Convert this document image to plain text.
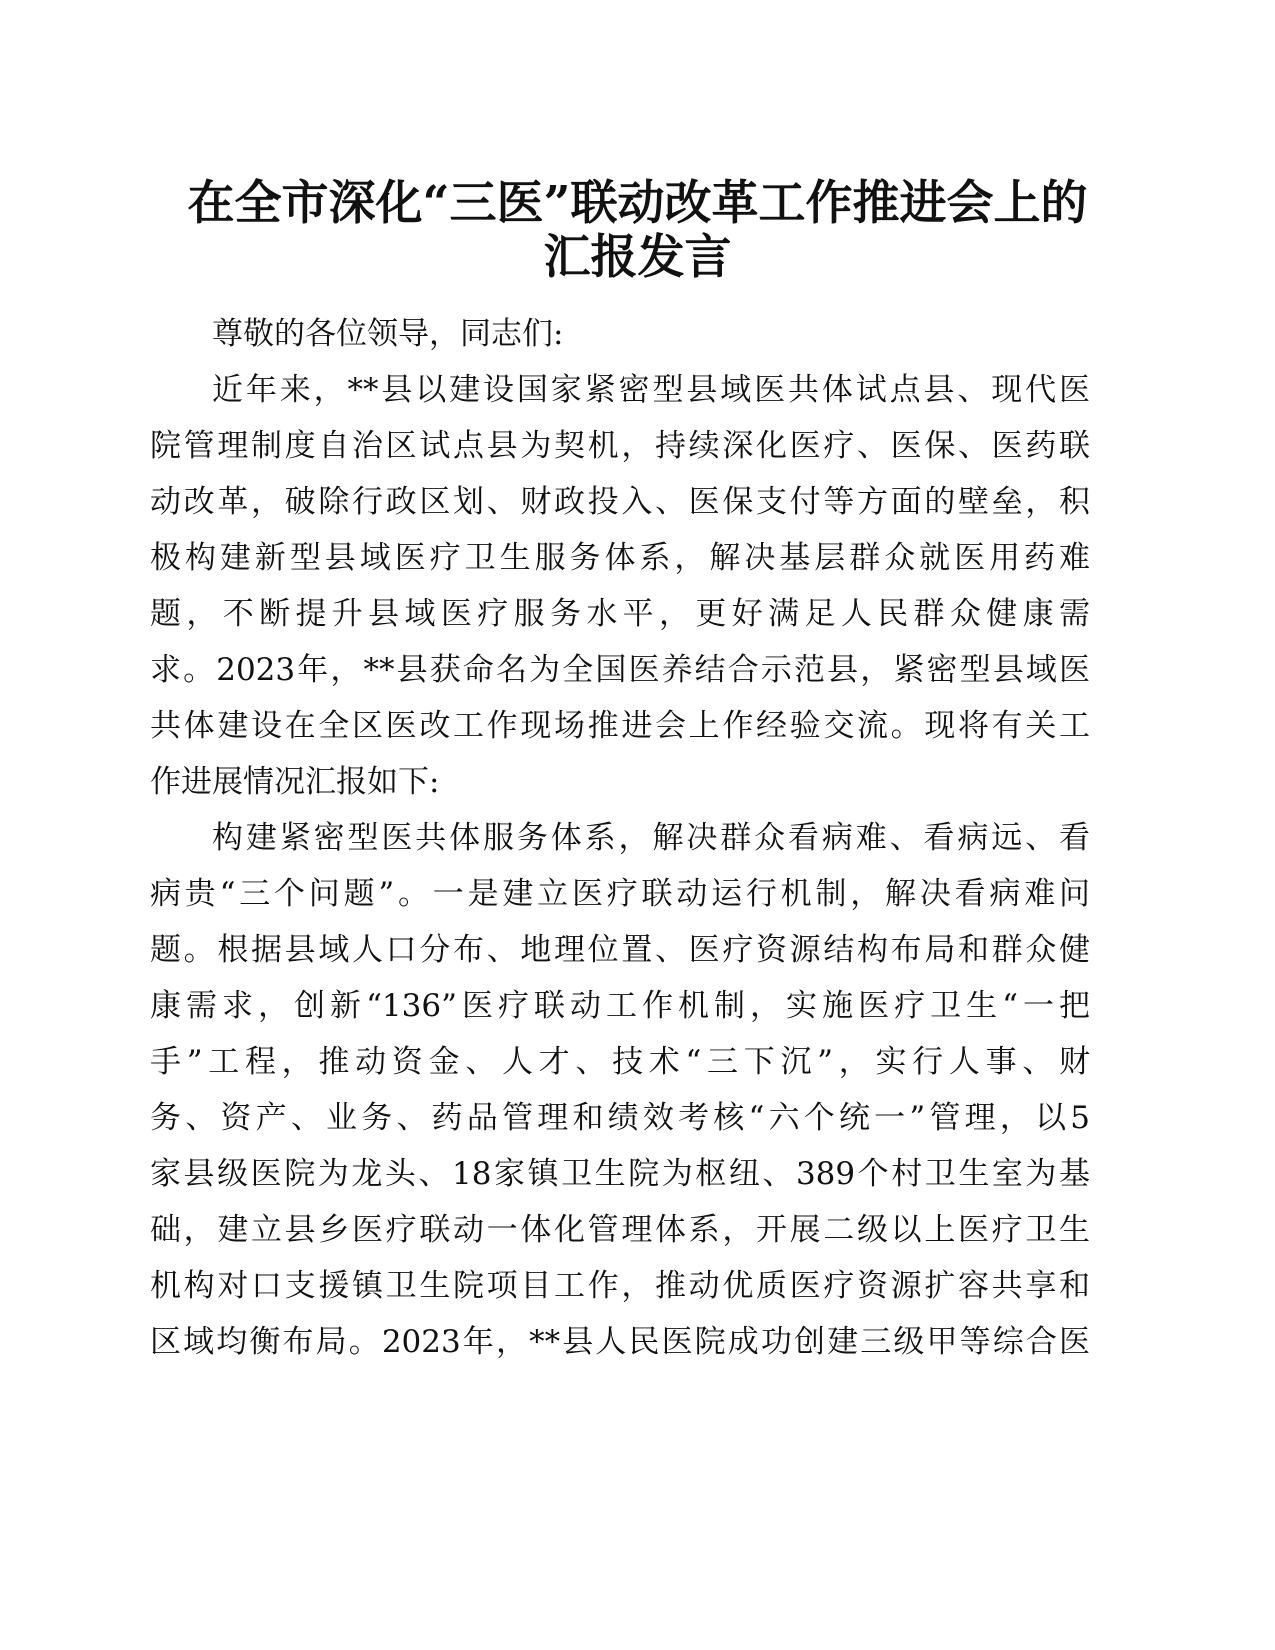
在全市深化“三医”联动改革工作推进会上的
汇报发言

尊敬的各位领导，同志们:

近年来，**县以建设国家紧密型县域医共体试点县、现代医

院管理制度自治区试点县为契机，持续深化医疗、医保、医药联

动改革，破除行政区划、财政投入、医保支付等方面的壁垒，积

极构建新型县域医疗卫生服务体系，解决基层群众就医用药难

题，不断提升县域医疗服务水平，更好满足人民群众健康需

求。2023年，**县获命名为全国医养结合示范县，紧密型县域医

共体建设在全区医改工作现场推进会上作经验交流。现将有关工

作进展情况汇报如下:

构建紧密型医共体服务体系，解决群众看病难、看病远、看

病贵“三个问题”。一是建立医疗联动运行机制，解决看病难问

题。根据县域人口分布、地理位置、医疗资源结构布局和群众健

康需求，创新“136”医疗联动工作机制，实施医疗卫生“一把

手”工程，推动资金、人才、技术“三下沉”，实行人事、财

务、资产、业务、药品管理和绩效考核“六个统一”管理，以5

家县级医院为龙头、18家镇卫生院为枢纽、389个村卫生室为基

础，建立县乡医疗联动一体化管理体系，开展二级以上医疗卫生

机构对口支援镇卫生院项目工作，推动优质医疗资源扩容共享和

区域均衡布局。2023年，**县人民医院成功创建三级甲等综合医
